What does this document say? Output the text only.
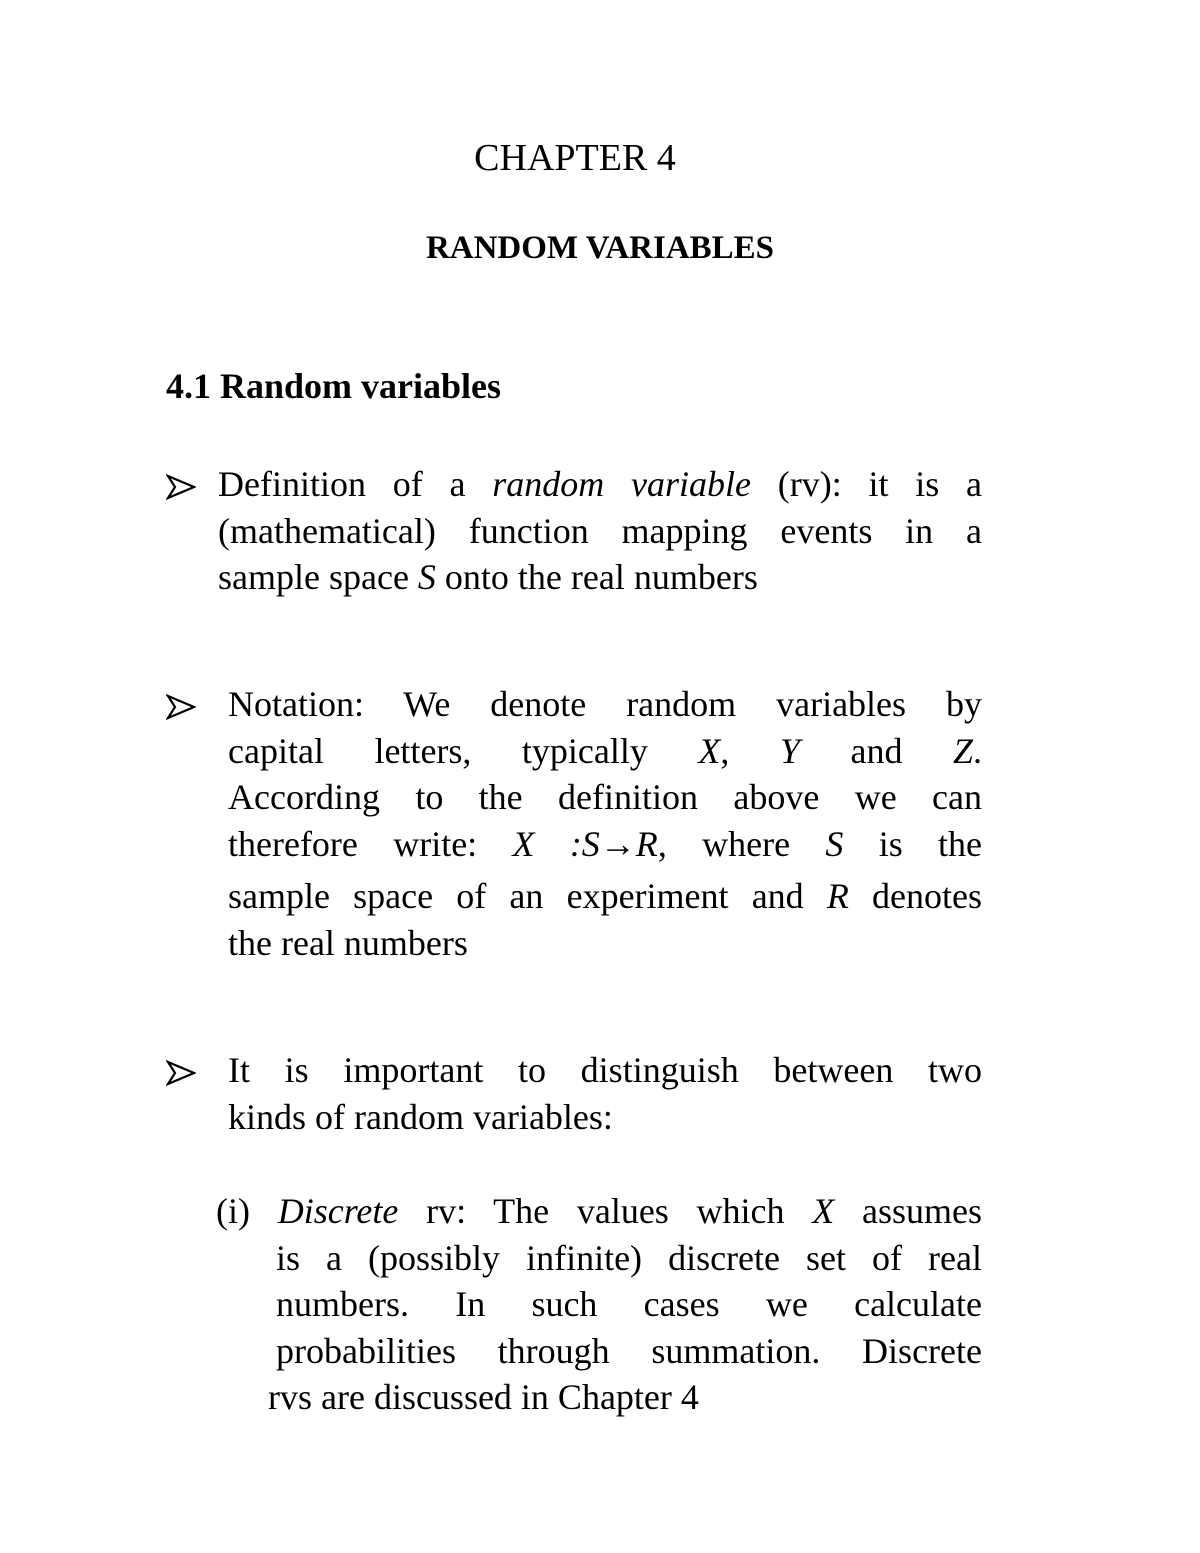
CHAPTER 4
RANDOM VARIABLES
4.1 Random variables
Definition of a random variable (rv): it is a
(mathematical) function mapping events in a
sample space S onto the real numbers
Notation: We denote random variables by
capital letters, typically X, Y and Z.
According to the definition above we can
therefore write: X :S→R, where S is the
sample space of an experiment and R denotes
the real numbers
It is important to distinguish between two
kinds of random variables:
(i) Discrete rv: The values which X assumes
is a (possibly infinite) discrete set of real
numbers. In such cases we calculate
probabilities through summation. Discrete
rvs are discussed in Chapter 4
